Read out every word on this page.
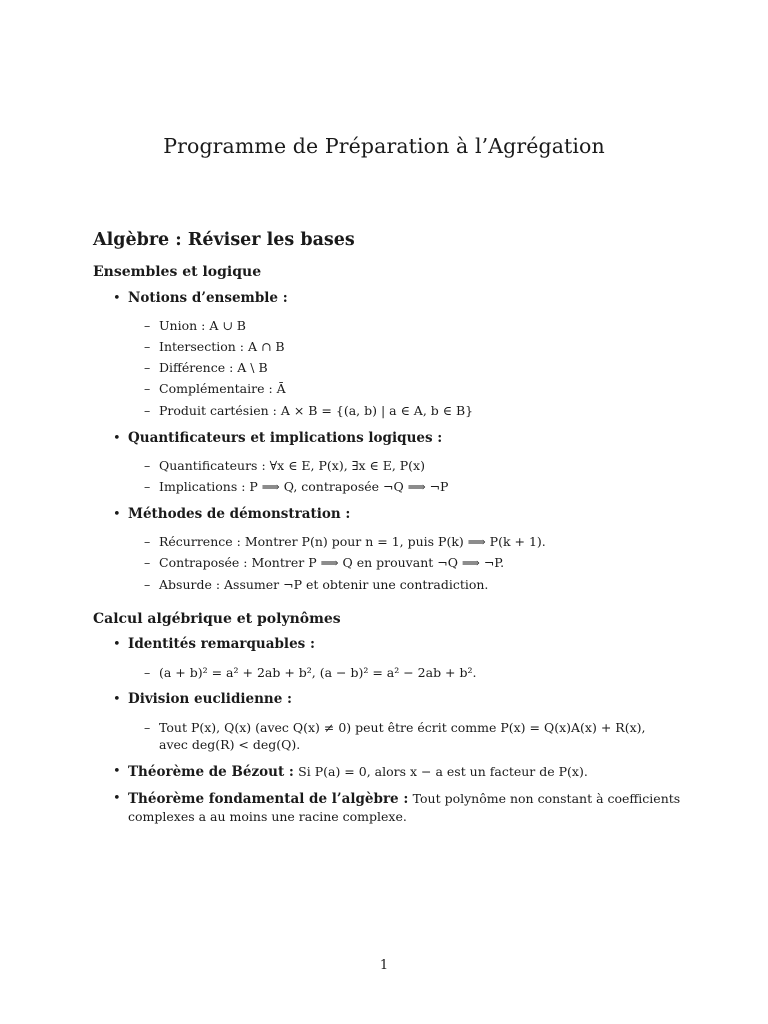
Programme de Préparation à l’Agrégation
Algèbre : Réviser les bases
Ensembles et logique
• Notions d’ensemble :
– Union : A ∪ B
– Intersection : A ∩ B
– Différence : A \ B
– Complémentaire : Ā
– Produit cartésien : A × B = {(a, b) | a ∈ A, b ∈ B}
• Quantificateurs et implications logiques :
– Quantificateurs : ∀x ∈ E, P(x), ∃x ∈ E, P(x)
– Implications : P ⟹ Q, contraposée ¬Q ⟹ ¬P
• Méthodes de démonstration :
– Récurrence : Montrer P(n) pour n = 1, puis P(k) ⟹ P(k + 1).
– Contraposée : Montrer P ⟹ Q en prouvant ¬Q ⟹ ¬P.
– Absurde : Assumer ¬P et obtenir une contradiction.
Calcul algébrique et polynômes
• Identités remarquables :
– (a + b)² = a² + 2ab + b², (a − b)² = a² − 2ab + b².
• Division euclidienne :
– Tout P(x), Q(x) (avec Q(x) ≠ 0) peut être écrit comme P(x) = Q(x)A(x) + R(x),
avec deg(R) < deg(Q).
• Théorème de Bézout : Si P(a) = 0, alors x − a est un facteur de P(x).
• Théorème fondamental de l’algèbre : Tout polynôme non constant à coefficients complexes a au moins une racine complexe.
1
